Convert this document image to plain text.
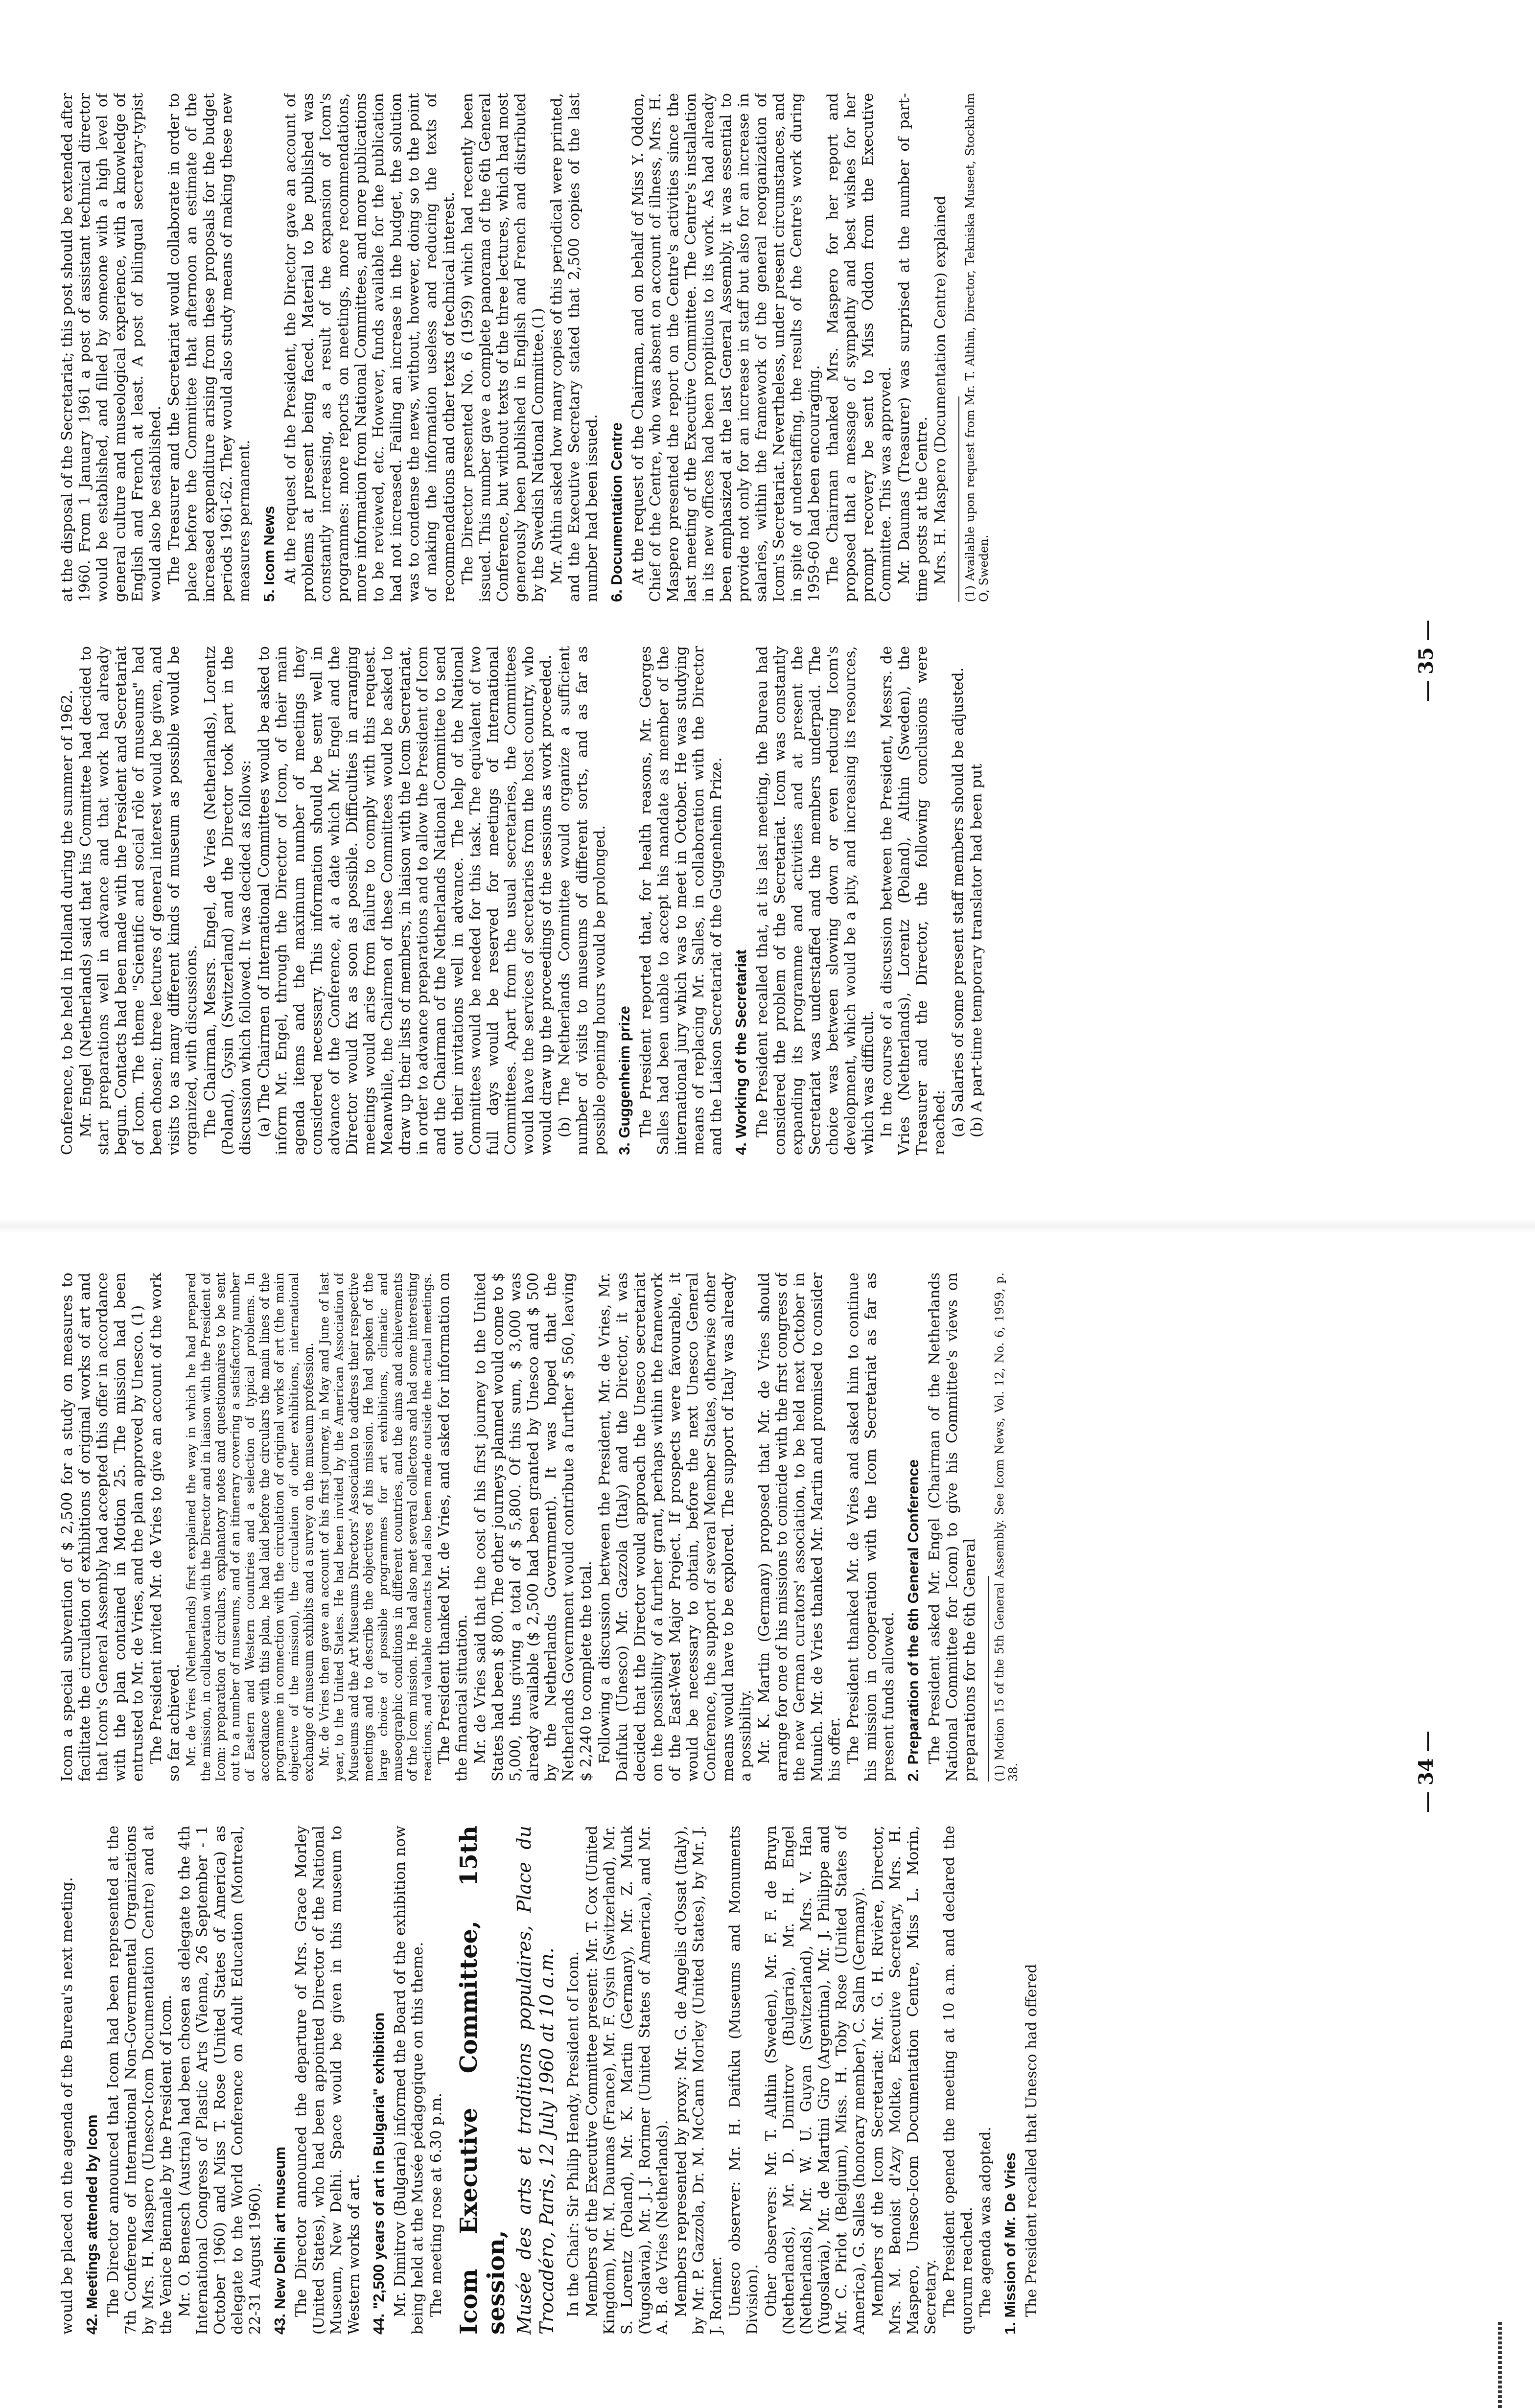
would be placed on the agenda of the Bureau's next meeting. 42. Meetings attended by Icom The Director announced that Icom had been represented at the 7th Conference of International Non-Governmental Organizations by Mrs. H. Maspero (Unesco-Icom Documentation Centre) and at the Venice Biennale by the President of Icom. Mr. O. Benesch (Austria) had been chosen as delegate to the 4th International Congress of Plastic Arts (Vienna, 26 September - 1 October 1960) and Miss T. Rose (United States of America) as delegate to the World Conference on Adult Education (Montreal, 22-31 August 1960). 43. New Delhi art museum The Director announced the departure of Mrs. Grace Morley (United States), who had been appointed Director of the National Museum, New Delhi. Space would be given in this museum to Western works of art. 44. "2,500 years of art in Bulgaria" exhibition Mr. Dimitrov (Bulgaria) informed the Board of the exhibition now being held at the Musée pédagogique on this theme. The meeting rose at 6.30 p.m. Icom Executive Committee, 15th session, Musée des arts et traditions populaires, Place du Trocadéro, Paris, 12 July 1960 at 10 a.m. In the Chair: Sir Philip Hendy, President of Icom. Members of the Executive Committee present: Mr. T. Cox (United Kingdom), Mr. M. Daumas (France), Mr. F. Gysin (Switzerland), Mr. S. Lorentz (Poland), Mr. K. Martin (Germany), Mr. Z. Munk (Yugoslavia), Mr. J. J. Rorimer (United States of America), and Mr. A. B. de Vries (Netherlands). Members represented by proxy: Mr. G. de Angelis d'Ossat (Italy), by Mr. P. Gazzola, Dr. M. McCann Morley (United States), by Mr. J. J. Rorimer. Unesco observer: Mr. H. Daifuku (Museums and Monuments Division). Other observers: Mr. T. Althin (Sweden), Mr. F. F. de Bruyn (Netherlands), Mr. D. Dimitrov (Bulgaria), Mr. H. Engel (Netherlands), Mr. W. U. Guyan (Switzerland), Mrs. V. Han (Yugoslavia), Mr. de Martini Giro (Argentina), Mr. J. Philippe and Mr. C. Pirlot (Belgium), Miss. H. Toby Rose (United States of America), G. Salles (honorary member), C. Salm (Germany). Members of the Icom Secretariat: Mr. G. H. Rivière, Director, Mrs. M. Benoist d'Azy Moltke, Executive Secretary, Mrs. H. Maspero, Unesco-Icom Documentation Centre, Miss L. Morin, Secretary. The President opened the meeting at 10 a.m. and declared the quorum reached. The agenda was adopted. 1. Mission of Mr. De Vries The President recalled that Unesco had offered

Icom a special subvention of $ 2,500 for a study on measures to facilitate the circulation of exhibitions of original works of art and that Icom's General Assembly had accepted this offer in accordance with the plan contained in Motion 25. The mission had been entrusted to Mr. de Vries, and the plan approved by Unesco. (1) The President invited Mr. de Vries to give an account of the work so far achieved. Mr. de Vries (Netherlands) first explained the way in which he had prepared the mission, in collaboration with the Director and in liaison with the President of Icom: preparation of circulars, explanatory notes and questionnaires to be sent out to a number of museums, and of an itinerary covering a satisfactory number of Eastern and Western countries and a selection of typical problems. In accordance with this plan, he had laid before the circulars the main lines of the programme in connection with the circulation of original works of art (the main objective of the mission), the circulation of other exhibitions, international exchange of museum exhibits and a survey on the museum profession. Mr. de Vries then gave an account of his first journey, in May and June of last year, to the United States. He had been invited by the American Association of Museums and the Art Museums Directors' Association to address their respective meetings and to describe the objectives of his mission. He had spoken of the large choice of possible programmes for art exhibitions, climatic and museographic conditions in different countries, and the aims and achievements of the Icom mission. He had also met several collectors and had some interesting reactions, and valuable contacts had also been made outside the actual meetings. The President thanked Mr. de Vries, and asked for information on the financial situation. Mr. de Vries said that the cost of his first journey to the United States had been $ 800. The other journeys planned would come to $ 5,000, thus giving a total of $ 5,800. Of this sum, $ 3,000 was already available ($ 2,500 had been granted by Unesco and $ 500 by the Netherlands Government). It was hoped that the Netherlands Government would contribute a further $ 560, leaving $ 2,240 to complete the total. Following a discussion between the President, Mr. de Vries, Mr. Daifuku (Unesco) Mr. Gazzola (Italy) and the Director, it was decided that the Director would approach the Unesco secretariat on the possibility of a further grant, perhaps within the framework of the East-West Major Project. If prospects were favourable, it would be necessary to obtain, before the next Unesco General Conference, the support of several Member States, otherwise other means would have to be explored. The support of Italy was already a possibility. Mr. K. Martin (Germany) proposed that Mr. de Vries should arrange for one of his missions to coincide with the first congress of the new German curators' association, to be held next October in Munich. Mr. de Vries thanked Mr. Martin and promised to consider his offer. The President thanked Mr. de Vries and asked him to continue his mission in cooperation with the Icom Secretariat as far as present funds allowed. 2. Preparation of the 6th General Conference The President asked Mr. Engel (Chairman of the Netherlands National Committee for Icom) to give his Committee's views on preparations for the 6th General (1) Motion 15 of the 5th General Assembly. See Icom News, Vol. 12, No. 6, 1959, p. 38.	34

Conference, to be held in Holland during the summer of 1962. Mr. Engel (Netherlands) said that his Committee had decided to start preparations well in advance and that work had already begun. Contacts had been made with the President and Secretariat of Icom. The theme "Scientific and social rôle of museums" had been chosen; three lectures of general interest would be given, and visits to as many different kinds of museum as possible would be organized, with discussions. The Chairman, Messrs. Engel, de Vries (Netherlands), Lorentz (Poland), Gysin (Switzerland) and the Director took part in the discussion which followed. It was decided as follows: (a) The Chairmen of International Committees would be asked to inform Mr. Engel, through the Director of Icom, of their main agenda items and the maximum number of meetings they considered necessary. This information should be sent well in advance of the Conference, at a date which Mr. Engel and the Director would fix as soon as possible. Difficulties in arranging meetings would arise from failure to comply with this request. Meanwhile, the Chairmen of these Committees would be asked to draw up their lists of members, in liaison with the Icom Secretariat, in order to advance preparations and to allow the President of Icom and the Chairman of the Netherlands National Committee to send out their invitations well in advance. The help of the National Committees would be needed for this task. The equivalent of two full days would be reserved for meetings of International Committees. Apart from the usual secretaries, the Committees would have the services of secretaries from the host country, who would draw up the proceedings of the sessions as work proceeded. (b) The Netherlands Committee would organize a sufficient number of visits to museums of different sorts, and as far as possible opening hours would be prolonged. 3. Guggenheim prize The President reported that, for health reasons, Mr. Georges Salles had been unable to accept his mandate as member of the international jury which was to meet in October. He was studying means of replacing Mr. Salles, in collaboration with the Director and the Liaison Secretariat of the Guggenheim Prize. 4. Working of the Secretariat The President recalled that, at its last meeting, the Bureau had considered the problem of the Secretariat. Icom was constantly expanding its programme and activities and at present the Secretariat was understaffed and the members underpaid. The choice was between slowing down or even reducing Icom's development, which would be a pity, and increasing its resources, which was difficult. In the course of a discussion between the President, Messrs. de Vries (Netherlands), Lorentz (Poland), Althin (Sweden), the Treasurer and the Director, the following conclusions were reached: (a) Salaries of some present staff members should be adjusted. (b) A part-time temporary translator had been put

at the disposal of the Secretariat; this post should be extended after 1960. From 1 January 1961 a post of assistant technical director would be established, and filled by someone with a high level of general culture and museological experience, with a knowledge of English and French at least. A post of bilingual secretary-typist would also be established. The Treasurer and the Secretariat would collaborate in order to place before the Committee that afternoon an estimate of the increased expenditure arising from these proposals for the budget periods 1961-62. They would also study means of making these new measures permanent. 5. Icom News At the request of the President, the Director gave an account of problems at present being faced. Material to be published was constantly increasing, as a result of the expansion of Icom's programmes: more reports on meetings, more recommendations, more information from National Committees, and more publications to be reviewed, etc. However, funds available for the publication had not increased. Failing an increase in the budget, the solution was to condense the news, without, however, doing so to the point of making the information useless and reducing the texts of recommendations and other texts of technical interest. The Director presented No. 6 (1959) which had recently been issued. This number gave a complete panorama of the 6th General Conference, but without texts of the three lectures, which had most generously been published in English and French and distributed by the Swedish National Committee.(1) Mr. Althin asked how many copies of this periodical were printed, and the Executive Secretary stated that 2,500 copies of the last number had been issued. 6. Documentation Centre At the request of the Chairman, and on behalf of Miss Y. Oddon, Chief of the Centre, who was absent on account of illness, Mrs. H. Maspero presented the report on the Centre's activities since the last meeting of the Executive Committee. The Centre's installation in its new offices had been propitious to its work. As had already been emphasized at the last General Assembly, it was essential to provide not only for an increase in staff but also for an increase in salaries, within the framework of the general reorganization of Icom's Secretariat. Nevertheless, under present circumstances, and in spite of understaffing, the results of the Centre's work during 1959-60 had been encouraging. The Chairman thanked Mrs. Maspero for her report and proposed that a message of sympathy and best wishes for her prompt recovery be sent to Miss Oddon from the Executive Committee. This was approved. Mr. Daumas (Treasurer) was surprised at the number of part-time posts at the Centre. Mrs. H. Maspero (Documentation Centre) explained (1) Available upon request from Mr. T. Althin, Director, Tekniska Museet, Stockholm O, Sweden.

35
